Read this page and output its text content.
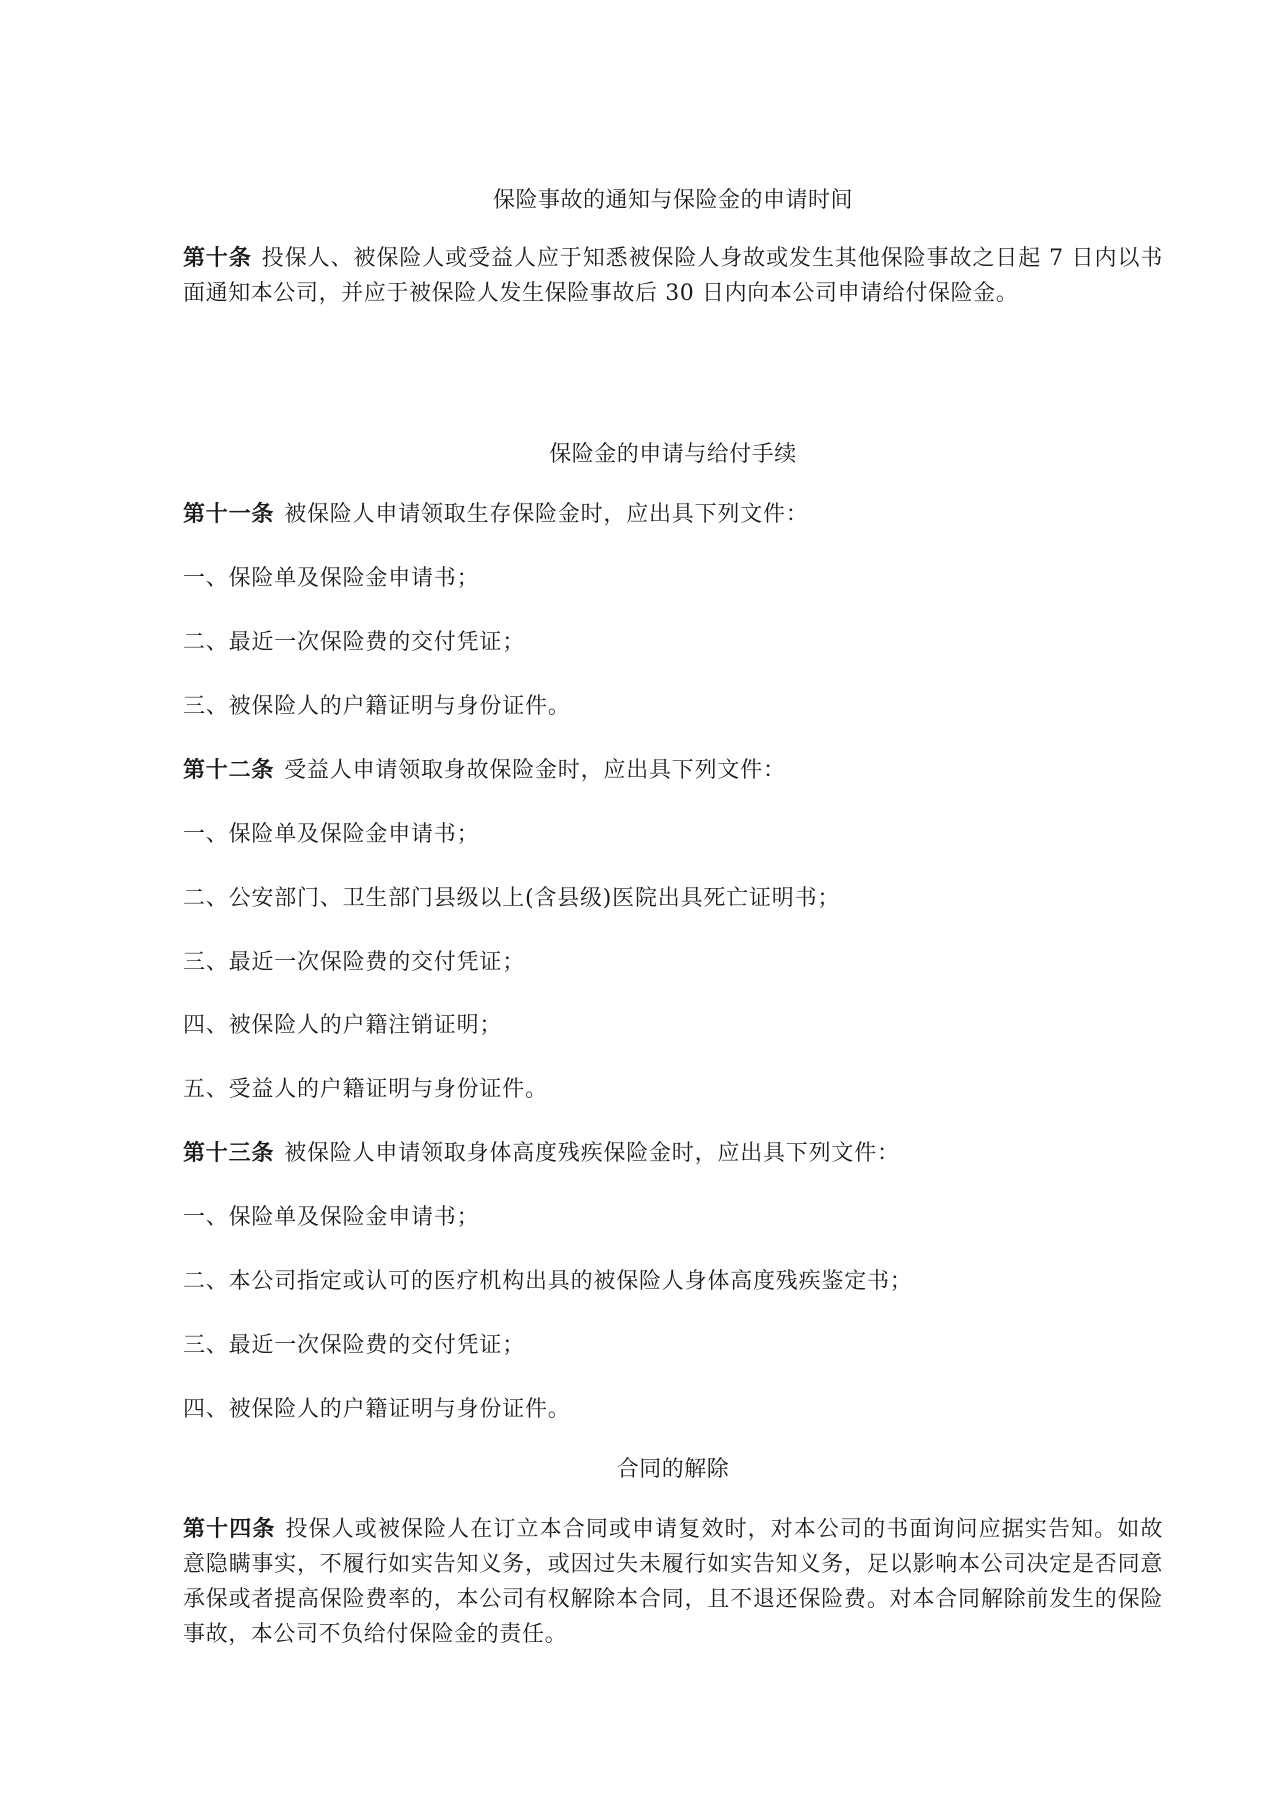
保险事故的通知与保险金的申请时间
第十条 投保人、被保险人或受益人应于知悉被保险人身故或发生其他保险事故之日起 7 日内以书面通知本公司，并应于被保险人发生保险事故后 30 日内向本公司申请给付保险金。
保险金的申请与给付手续
第十一条 被保险人申请领取生存保险金时，应出具下列文件：
一、保险单及保险金申请书；
二、最近一次保险费的交付凭证；
三、被保险人的户籍证明与身份证件。
第十二条 受益人申请领取身故保险金时，应出具下列文件：
一、保险单及保险金申请书；
二、公安部门、卫生部门县级以上(含县级)医院出具死亡证明书；
三、最近一次保险费的交付凭证；
四、被保险人的户籍注销证明；
五、受益人的户籍证明与身份证件。
第十三条 被保险人申请领取身体高度残疾保险金时，应出具下列文件：
一、保险单及保险金申请书；
二、本公司指定或认可的医疗机构出具的被保险人身体高度残疾鉴定书；
三、最近一次保险费的交付凭证；
四、被保险人的户籍证明与身份证件。
合同的解除
第十四条 投保人或被保险人在订立本合同或申请复效时，对本公司的书面询问应据实告知。如故意隐瞒事实，不履行如实告知义务，或因过失未履行如实告知义务，足以影响本公司决定是否同意承保或者提高保险费率的，本公司有权解除本合同，且不退还保险费。对本合同解除前发生的保险事故，本公司不负给付保险金的责任。
